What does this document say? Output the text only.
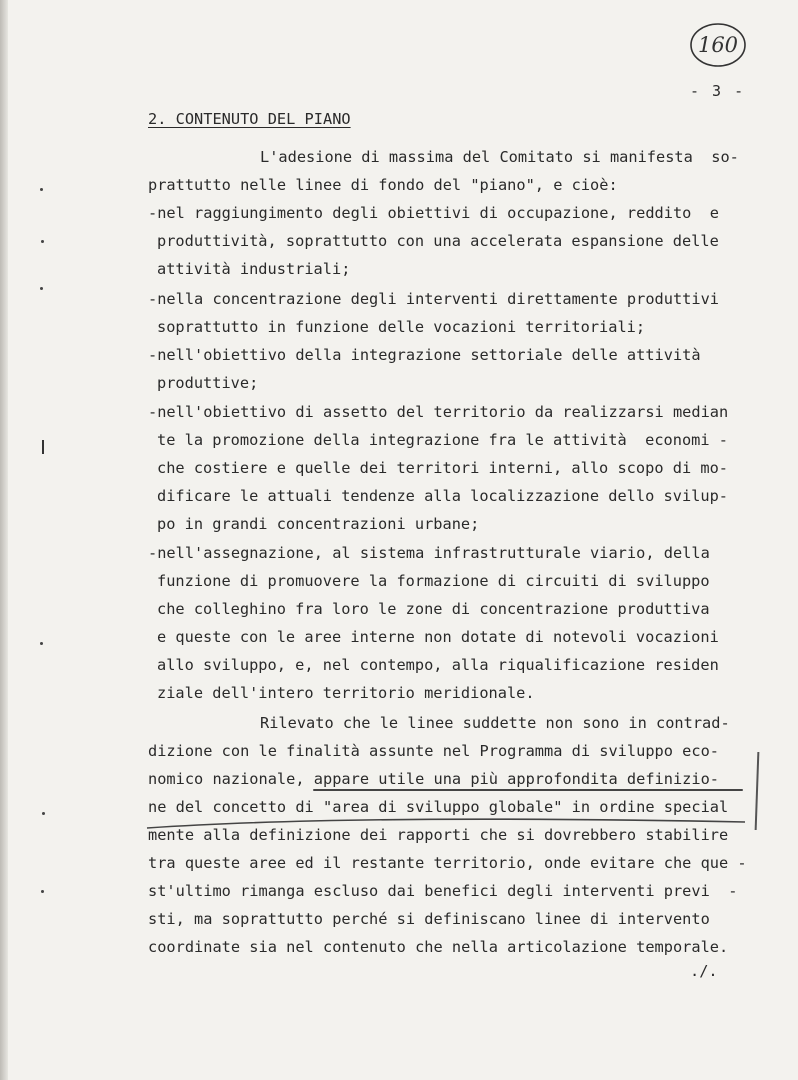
160
- 3 -
2. CONTENUTO DEL PIANO
L'adesione di massima del Comitato si manifesta  so-
prattutto nelle linee di fondo del "piano", e cioè:
-nel raggiungimento degli obiettivi di occupazione, reddito  e
produttività, soprattutto con una accelerata espansione delle
attività industriali;
-nella concentrazione degli interventi direttamente produttivi
soprattutto in funzione delle vocazioni territoriali;
-nell'obiettivo della integrazione settoriale delle attività
produttive;
-nell'obiettivo di assetto del territorio da realizzarsi median
te la promozione della integrazione fra le attività  economi -
che costiere e quelle dei territori interni, allo scopo di mo-
dificare le attuali tendenze alla localizzazione dello svilup-
po in grandi concentrazioni urbane;
-nell'assegnazione, al sistema infrastrutturale viario, della
funzione di promuovere la formazione di circuiti di sviluppo
che colleghino fra loro le zone di concentrazione produttiva
e queste con le aree interne non dotate di notevoli vocazioni
allo sviluppo, e, nel contempo, alla riqualificazione residen
ziale dell'intero territorio meridionale.
Rilevato che le linee suddette non sono in contrad-
dizione con le finalità assunte nel Programma di sviluppo eco-
nomico nazionale, appare utile una più approfondita definizio-
ne del concetto di "area di sviluppo globale" in ordine special
mente alla definizione dei rapporti che si dovrebbero stabilire
tra queste aree ed il restante territorio, onde evitare che que -
st'ultimo rimanga escluso dai benefici degli interventi previ  -
sti, ma soprattutto perché si definiscano linee di intervento
coordinate sia nel contenuto che nella articolazione temporale.
./.
